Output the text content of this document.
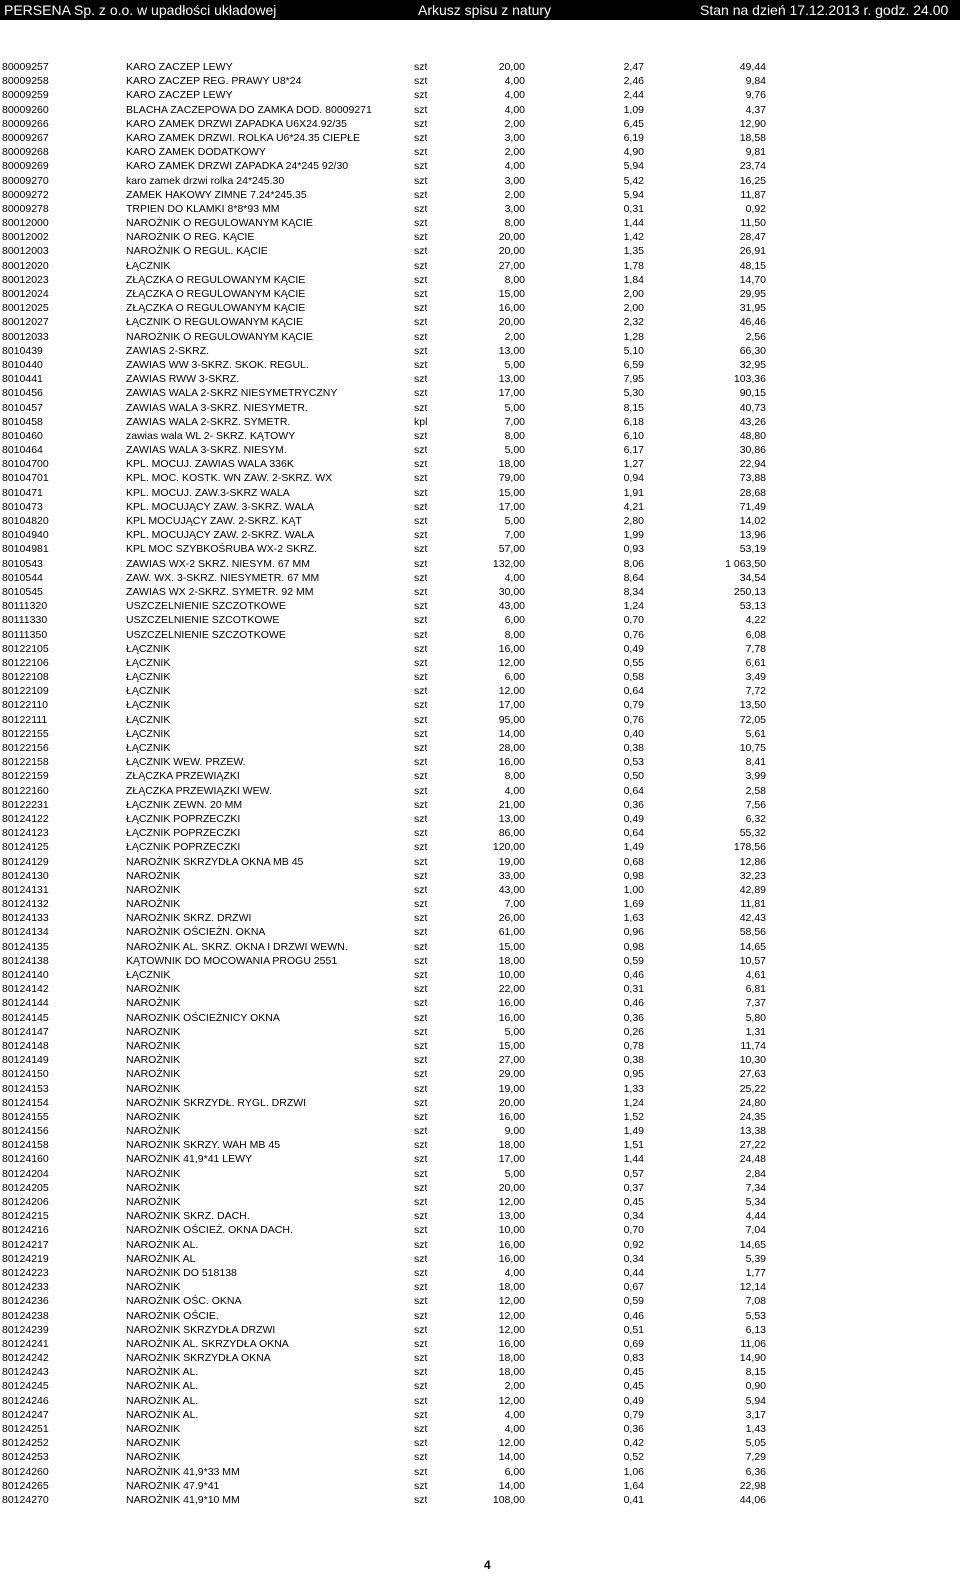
PERSENA Sp. z o.o. w upadłości układowej	Arkusz spisu z natury	Stan na dzień 17.12.2013 r. godz. 24.00
80009257	KARO ZACZEP LEWY	szt	20,00	2,47	49,44
80009258	KARO ZACZEP REG. PRAWY U8*24	szt	4,00	2,46	9,84
80009259	KARO ZACZEP LEWY	szt	4,00	2,44	9,76
80009260	BLACHA ZACZEPOWA DO ZAMKA DOD. 80009271	szt	4,00	1,09	4,37
80009266	KARO ZAMEK DRZWI ZAPADKA U6X24.92/35	szt	2,00	6,45	12,90
80009267	KARO ZAMEK DRZWI. ROLKA U6*24.35 CIEPŁE	szt	3,00	6,19	18,58
80009268	KARO ZAMEK DODATKOWY	szt	2,00	4,90	9,81
80009269	KARO ZAMEK DRZWI ZAPADKA 24*245 92/30	szt	4,00	5,94	23,74
80009270	karo zamek drzwi rolka 24*245.30	szt	3,00	5,42	16,25
80009272	ZAMEK HAKOWY ZIMNE 7.24*245.35	szt	2,00	5,94	11,87
80009278	TRPIEN DO KLAMKI 8*8*93 MM	szt	3,00	0,31	0,92
80012000	NAROŻNIK O REGULOWANYM KĄCIE	szt	8,00	1,44	11,50
80012002	NAROŻNIK O REG. KĄCIE	szt	20,00	1,42	28,47
80012003	NAROŻNIK O REGUL. KĄCIE	szt	20,00	1,35	26,91
80012020	ŁĄCZNIK	szt	27,00	1,78	48,15
80012023	ZŁĄCZKA O REGULOWANYM KĄCIE	szt	8,00	1,84	14,70
80012024	ZŁĄCZKA O REGULOWANYM KĄCIE	szt	15,00	2,00	29,95
80012025	ZŁĄCZKA O REGULOWANYM KĄCIE	szt	16,00	2,00	31,95
80012027	ŁĄCZNIK O REGULOWANYM KĄCIE	szt	20,00	2,32	46,46
80012033	NAROŻNIK O REGULOWANYM KĄCIE	szt	2,00	1,28	2,56
8010439	ZAWIAS 2-SKRZ.	szt	13,00	5,10	66,30
8010440	ZAWIAS WW 3-SKRZ. SKOK. REGUL.	szt	5,00	6,59	32,95
8010441	ZAWIAS RWW 3-SKRZ.	szt	13,00	7,95	103,36
8010456	ZAWIAS WALA 2-SKRZ NIESYMETRYCZNY	szt	17,00	5,30	90,15
8010457	ZAWIAS WALA 3-SKRZ. NIESYMETR.	szt	5,00	8,15	40,73
8010458	ZAWIAS WALA 2-SKRZ. SYMETR.	kpl	7,00	6,18	43,26
8010460	zawias wala WL 2- SKRZ. KĄTOWY	szt	8,00	6,10	48,80
8010464	ZAWIAS WALA 3-SKRZ. NIESYM.	szt	5,00	6,17	30,86
80104700	KPL. MOCUJ. ZAWIAS WALA 336K	szt	18,00	1,27	22,94
80104701	KPL. MOC. KOSTK. WN ZAW. 2-SKRZ. WX	szt	79,00	0,94	73,88
8010471	KPL. MOCUJ. ZAW.3-SKRZ WALA	szt	15,00	1,91	28,68
8010473	KPL. MOCUJĄCY ZAW. 3-SKRZ. WALA	szt	17,00	4,21	71,49
80104820	KPL MOCUJĄCY ZAW. 2-SKRZ. KĄT	szt	5,00	2,80	14,02
80104940	KPL. MOCUJĄCY ZAW. 2-SKRZ. WALA	szt	7,00	1,99	13,96
80104981	KPL MOC SZYBKOŚRUBA WX-2 SKRZ.	szt	57,00	0,93	53,19
8010543	ZAWIAS WX-2 SKRZ. NIESYM. 67 MM	szt	132,00	8,06	1 063,50
8010544	ZAW. WX. 3-SKRZ. NIESYMETR. 67 MM	szt	4,00	8,64	34,54
8010545	ZAWIAS WX 2-SKRZ. SYMETR. 92 MM	szt	30,00	8,34	250,13
80111320	USZCZELNIENIE SZCZOTKOWE	szt	43,00	1,24	53,13
80111330	USZCZELNIENIE SZCOTKOWE	szt	6,00	0,70	4,22
80111350	USZCZELNIENIE SZCZOTKOWE	szt	8,00	0,76	6,08
80122105	ŁĄCZNIK	szt	16,00	0,49	7,78
80122106	ŁĄCZNIK	szt	12,00	0,55	6,61
80122108	ŁĄCZNIK	szt	6,00	0,58	3,49
80122109	ŁĄCZNIK	szt	12,00	0,64	7,72
80122110	ŁĄCZNIK	szt	17,00	0,79	13,50
80122111	ŁĄCZNIK	szt	95,00	0,76	72,05
80122155	ŁĄCZNIK	szt	14,00	0,40	5,61
80122156	ŁĄCZNIK	szt	28,00	0,38	10,75
80122158	ŁĄCZNIK WEW. PRZEW.	szt	16,00	0,53	8,41
80122159	ZŁĄCZKA PRZEWIĄZKI	szt	8,00	0,50	3,99
80122160	ZŁĄCZKA PRZEWIĄZKI WEW.	szt	4,00	0,64	2,58
80122231	ŁĄCZNIK ZEWN. 20 MM	szt	21,00	0,36	7,56
80124122	ŁĄCZNIK POPRZECZKI	szt	13,00	0,49	6,32
80124123	ŁĄCZNIK POPRZECZKI	szt	86,00	0,64	55,32
80124125	ŁĄCZNIK POPRZECZKI	szt	120,00	1,49	178,56
80124129	NAROŻNIK SKRZYDŁA OKNA MB 45	szt	19,00	0,68	12,86
80124130	NAROŻNIK	szt	33,00	0,98	32,23
80124131	NAROŻNIK	szt	43,00	1,00	42,89
80124132	NAROŻNIK	szt	7,00	1,69	11,81
80124133	NAROŻNIK SKRZ. DRZWI	szt	26,00	1,63	42,43
80124134	NAROŻNIK OŚCIEŻN. OKNA	szt	61,00	0,96	58,56
80124135	NAROŻNIK AL. SKRZ. OKNA I DRZWI WEWN.	szt	15,00	0,98	14,65
80124138	KĄTOWNIK DO MOCOWANIA PROGU 2551	szt	18,00	0,59	10,57
80124140	ŁĄCZNIK	szt	10,00	0,46	4,61
80124142	NAROŻNIK	szt	22,00	0,31	6,81
80124144	NAROŻNIK	szt	16,00	0,46	7,37
80124145	NAROZNIK OŚCIEŻNICY OKNA	szt	16,00	0,36	5,80
80124147	NAROZNIK	szt	5,00	0,26	1,31
80124148	NAROŻNIK	szt	15,00	0,78	11,74
80124149	NAROŻNIK	szt	27,00	0,38	10,30
80124150	NAROŻNIK	szt	29,00	0,95	27,63
80124153	NAROŻNIK	szt	19,00	1,33	25,22
80124154	NAROŻNIK SKRZYDŁ. RYGL. DRZWI	szt	20,00	1,24	24,80
80124155	NAROŻNIK	szt	16,00	1,52	24,35
80124156	NAROŻNIK	szt	9,00	1,49	13,38
80124158	NAROŻNIK SKRZY. WAH MB 45	szt	18,00	1,51	27,22
80124160	NAROŻNIK 41,9*41 LEWY	szt	17,00	1,44	24,48
80124204	NAROŻNIK	szt	5,00	0,57	2,84
80124205	NAROŻNIK	szt	20,00	0,37	7,34
80124206	NAROŻNIK	szt	12,00	0,45	5,34
80124215	NAROŻNIK SKRZ. DACH.	szt	13,00	0,34	4,44
80124216	NAROŻNIK OŚCIEŻ. OKNA DACH.	szt	10,00	0,70	7,04
80124217	NAROŻNIK AL.	szt	16,00	0,92	14,65
80124219	NAROŻNIK AL	szt	16,00	0,34	5,39
80124223	NAROŻNIK DO 518138	szt	4,00	0,44	1,77
80124233	NAROŻNIK	szt	18,00	0,67	12,14
80124236	NAROŻNIK OŚC. OKNA	szt	12,00	0,59	7,08
80124238	NAROŻNIK OŚCIE.	szt	12,00	0,46	5,53
80124239	NAROŻNIK SKRZYDŁA DRZWI	szt	12,00	0,51	6,13
80124241	NAROŻNIK AL. SKRZYDŁA OKNA	szt	16,00	0,69	11,06
80124242	NAROŻNIK SKRZYDŁA OKNA	szt	18,00	0,83	14,90
80124243	NAROŻNIK AL.	szt	18,00	0,45	8,15
80124245	NAROŻNIK AL.	szt	2,00	0,45	0,90
80124246	NAROŻNIK AL.	szt	12,00	0,49	5,94
80124247	NAROŻNIK AL.	szt	4,00	0,79	3,17
80124251	NAROŻNIK	szt	4,00	0,36	1,43
80124252	NAROZNIK	szt	12,00	0,42	5,05
80124253	NAROŻNIK	szt	14,00	0,52	7,29
80124260	NAROŻNIK 41,9*33 MM	szt	6,00	1,06	6,36
80124265	NAROŻNIK 47.9*41	szt	14,00	1,64	22,98
80124270	NAROŻNIK 41,9*10 MM	szt	108,00	0,41	44,06
4
